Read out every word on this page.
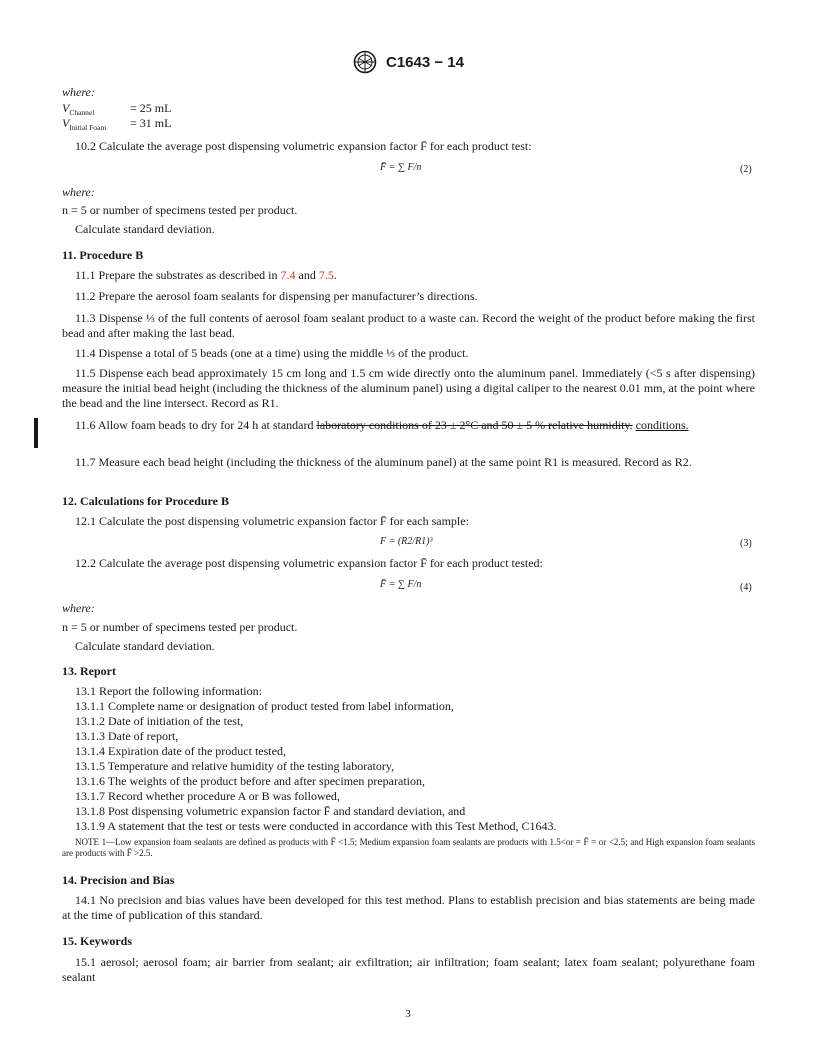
C1643 − 14
where:
$V_{Channel}$	= 25 mL
$V_{Initial Foam} = 31$ mL
10.2 Calculate the average post dispensing volumetric expansion factor F̄ for each product test:
F̄ = ∑ F/n	(2)
where:
n = 5 or number of specimens tested per product.
Calculate standard deviation.
11. Procedure B
11.1 Prepare the substrates as described in 7.4 and 7.5.
11.2 Prepare the aerosol foam sealants for dispensing per manufacturer’s directions.
11.3 Dispense ⅓ of the full contents of aerosol foam sealant product to a waste can. Record the weight of the product before making the first bead and after making the last bead.
11.4 Dispense a total of 5 beads (one at a time) using the middle ⅓ of the product.
11.5 Dispense each bead approximately 15 cm long and 1.5 cm wide directly onto the aluminum panel. Immediately (<5 s after dispensing) measure the initial bead height (including the thickness of the aluminum panel) using a digital caliper to the nearest 0.01 mm, at the point where the bead and the line intersect. Record as R1.
11.6 Allow foam beads to dry for 24 h at standard laboratory conditions of 23 ± 2°C and 50 ± 5 % relative humidity. conditions.
11.7 Measure each bead height (including the thickness of the aluminum panel) at the same point R1 is measured. Record as R2.
12. Calculations for Procedure B
12.1 Calculate the post dispensing volumetric expansion factor F̄ for each sample:
F = (R2/R1)³	(3)
12.2 Calculate the average post dispensing volumetric expansion factor F̄ for each product tested:
F̄ = ∑ F/n	(4)
where:
n = 5 or number of specimens tested per product.
Calculate standard deviation.
13. Report
13.1 Report the following information:
13.1.1 Complete name or designation of product tested from label information,
13.1.2 Date of initiation of the test,
13.1.3 Date of report,
13.1.4 Expiration date of the product tested,
13.1.5 Temperature and relative humidity of the testing laboratory,
13.1.6 The weights of the product before and after specimen preparation,
13.1.7 Record whether procedure A or B was followed,
13.1.8 Post dispensing volumetric expansion factor F̄ and standard deviation, and
13.1.9 A statement that the test or tests were conducted in accordance with this Test Method, C1643.
NOTE 1—Low expansion foam sealants are defined as products with F̄ <1.5; Medium expansion foam sealants are products with 1.5<or = F̄ = or <2.5; and High expansion foam sealants are products with F̄ >2.5.
14. Precision and Bias
14.1 No precision and bias values have been developed for this test method. Plans to establish precision and bias statements are being made at the time of publication of this standard.
15. Keywords
15.1 aerosol; aerosol foam; air barrier from sealant; air exfiltration; air infiltration; foam sealant; latex foam sealant; polyurethane foam sealant
3
